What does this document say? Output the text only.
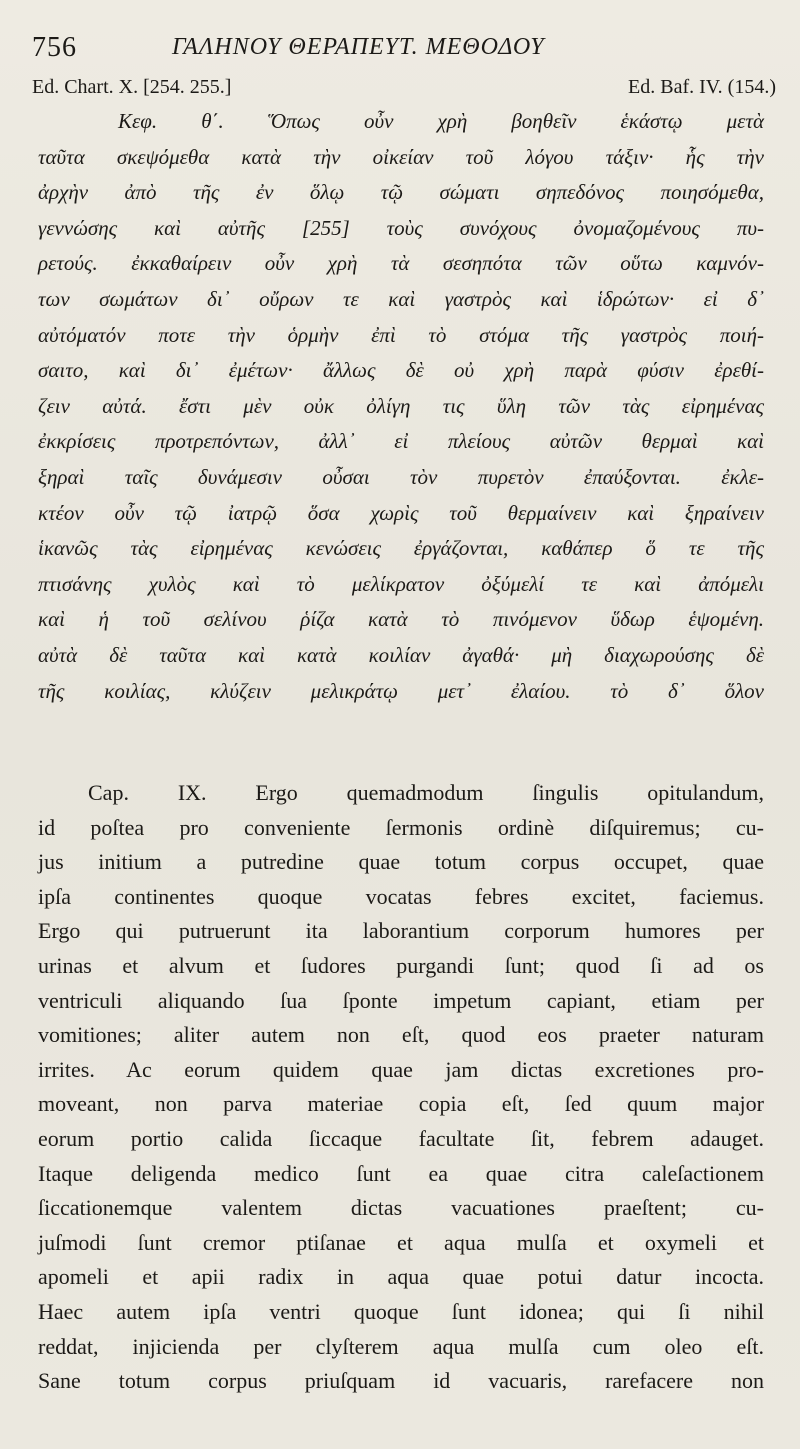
756	ΓΑΛΗΝΟΥ ΘΕΡΑΠΕΥΤ. ΜΕΘΟΔΟΥ
Ed. Chart. X. [254. 255.]	Ed. Baf. IV. (154.)
Κεφ. θ΄. Ὅπως οὖν χρὴ βοηθεῖν ἑκάστῳ μετὰ
ταῦτα σκεψόμεθα κατὰ τὴν οἰκείαν τοῦ λόγου τάξιν· ἧς τὴν
ἀρχὴν ἀπὸ τῆς ἐν ὅλῳ τῷ σώματι σηπεδόνος ποιησόμεθα,
γεννώσης καὶ αὐτῆς [255] τοὺς συνόχους ὀνομαζομένους πυ-
ρετούς. ἐκκαθαίρειν οὖν χρὴ τὰ σεσηπότα τῶν οὕτω καμνόν-
των σωμάτων δι᾽ οὔρων τε καὶ γαστρὸς καὶ ἱδρώτων· εἰ δ᾽
αὐτόματόν ποτε τὴν ὁρμὴν ἐπὶ τὸ στόμα τῆς γαστρὸς ποιή-
σαιτο, καὶ δι᾽ ἐμέτων· ἄλλως δὲ οὐ χρὴ παρὰ φύσιν ἐρεθί-
ζειν αὐτά. ἔστι μὲν οὐκ ὀλίγη τις ὕλη τῶν τὰς εἰρημένας
ἐκκρίσεις προτρεπόντων, ἀλλ᾽ εἰ πλείους αὐτῶν θερμαὶ καὶ
ξηραὶ ταῖς δυνάμεσιν οὖσαι τὸν πυρετὸν ἐπαύξονται. ἐκλε-
κτέον οὖν τῷ ἰατρῷ ὅσα χωρὶς τοῦ θερμαίνειν καὶ ξηραίνειν
ἱκανῶς τὰς εἰρημένας κενώσεις ἐργάζονται, καθάπερ ὅ τε τῆς
πτισάνης χυλὸς καὶ τὸ μελίκρατον ὀξύμελί τε καὶ ἀπόμελι
καὶ ἡ τοῦ σελίνου ῥίζα κατὰ τὸ πινόμενον ὕδωρ ἑψομένη.
αὐτὰ δὲ ταῦτα καὶ κατὰ κοιλίαν ἀγαθά· μὴ διαχωρούσης δὲ
τῆς κοιλίας, κλύζειν μελικράτῳ μετ᾽ ἐλαίου. τὸ δ᾽ ὅλον
Cap. IX. Ergo quemadmodum ſingulis opitulandum,
id poſtea pro conveniente ſermonis ordinè diſquiremus; cu-
jus initium a putredine quae totum corpus occupet, quae
ipſa continentes quoque vocatas febres excitet, faciemus.
Ergo qui putruerunt ita laborantium corporum humores per
urinas et alvum et ſudores purgandi ſunt; quod ſi ad os
ventriculi aliquando ſua ſponte impetum capiant, etiam per
vomitiones; aliter autem non eſt, quod eos praeter naturam
irrites. Ac eorum quidem quae jam dictas excretiones pro-
moveant, non parva materiae copia eſt, ſed quum major
eorum portio calida ſiccaque facultate ſit, febrem adauget.
Itaque deligenda medico ſunt ea quae citra caleſactionem
ſiccationemque valentem dictas vacuationes praeſtent; cu-
juſmodi ſunt cremor ptiſanae et aqua mulſa et oxymeli et
apomeli et apii radix in aqua quae potui datur incocta.
Haec autem ipſa ventri quoque ſunt idonea; qui ſi nihil
reddat, injicienda per clyſterem aqua mulſa cum oleo eſt.
Sane totum corpus priuſquam id vacuaris, rarefacere non
